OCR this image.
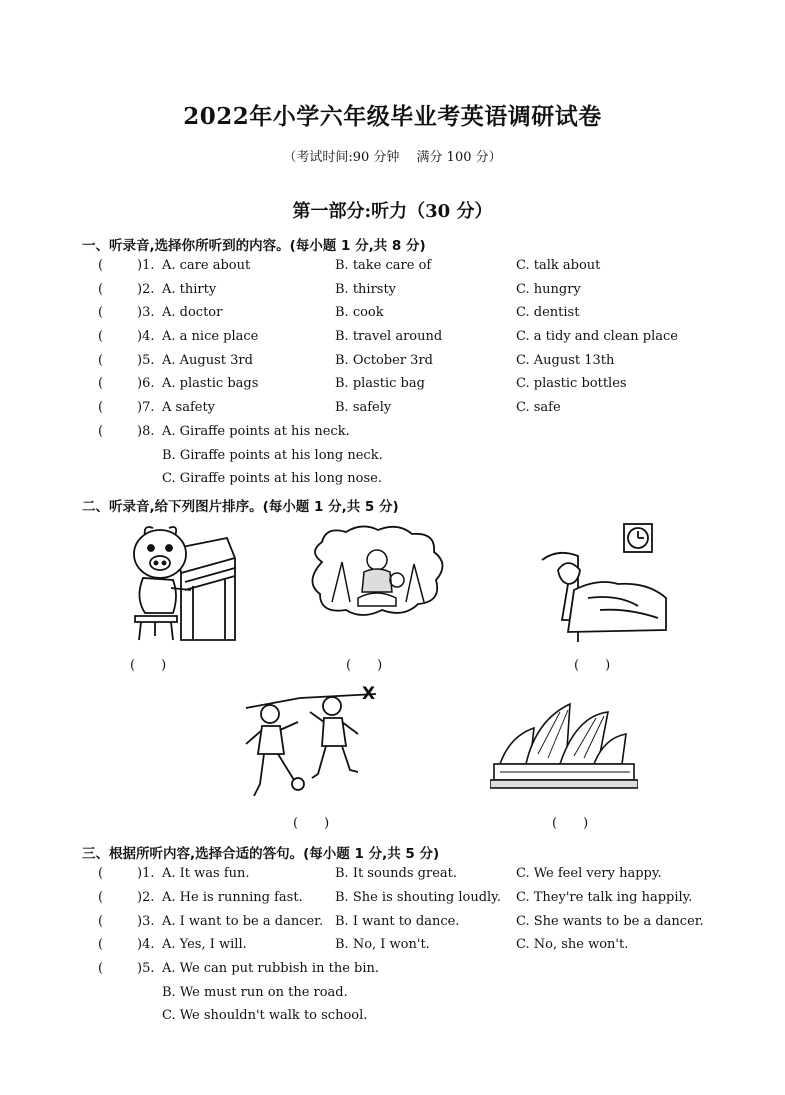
2022年小学六年级毕业考英语调研试卷
（考试时间:90 分钟　 满分 100 分）
第一部分:听力（30 分）
一、听录音,选择你所听到的内容。(每小题 1 分,共 8 分)
(	)1. A. care about	B. take care of	C. talk about
(	)2. A. thirty	B. thirsty	C. hungry
(	)3. A. doctor	B. cook	C. dentist
(	)4. A. a nice place	B. travel around	C. a tidy and clean place
(	)5. A. August 3rd	B. October 3rd	C. August 13th
(	)6. A. plastic bags	B. plastic bag	C. plastic bottles
(	)7. A safety	B. safely	C. safe
(	)8. A. Giraffe points at his neck.
B. Giraffe points at his long neck.
C. Giraffe points at his long nose.
二、听录音,给下列图片排序。(每小题 1 分,共 5 分)
(　　)	(　　)	(　　)
X
(　　)	(　　)
三、根据所听内容,选择合适的答句。(每小题 1 分,共 5 分)
(	)1. A. It was fun.	B. It sounds great.	C. We feel very happy.
(	)2. A. He is running fast. B. She is shouting loudly. C. They're talk ing happily.
(	)3. A. I want to be a dancer. B. I want to dance.	C. She wants to be a dancer.
(	)4. A. Yes, I will.	B. No, I won't.	C. No, she won't.
(	)5. A. We can put rubbish in the bin.
B. We must run on the road.
C. We shouldn't walk to school.
